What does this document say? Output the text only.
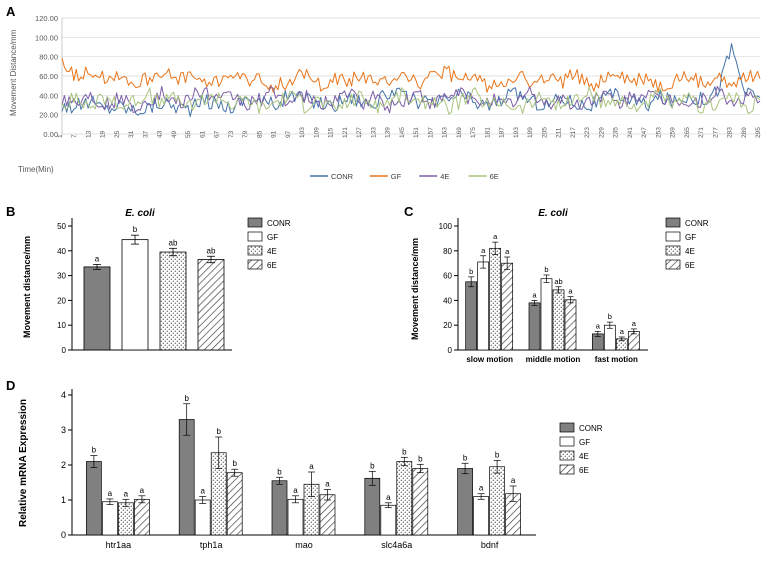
A
B	C
D
0.00
20.00
40.00
60.00
80.00
100.00
120.00
1 7 13 19 25 31 37 43 49 55 61 67 73 79 85 91 97 103 109 115 121 127 133 139 145 151 157 163 169 175 181 187 193 199 205 211 217 223 229 235 241 247 253 259 265 271 277 283 289 295
Movement Distance/mm
Time(Min)
CONR	GF	4E	6E
0
10
20
30
40
50
a
b
ab
ab
Movement distance/mm
E. coli
CONR
GF
4E
6E
0
20
40
60
80
100
b
a
a
a
slow motion
a
b
ab
a
middle motion
a
b
a
a
fast motion
Movement distance/mm
E. coli
CONR
GF
4E
6E
0
1
2
3
4
b
a a a
htr1aa
b
a
b
b
tph1a
b
a
a
a
mao
b
a
b
b
slc4a6a
b
a
b
a
bdnf
Relative mRNA Expression	CONR
GF
4E
6E
